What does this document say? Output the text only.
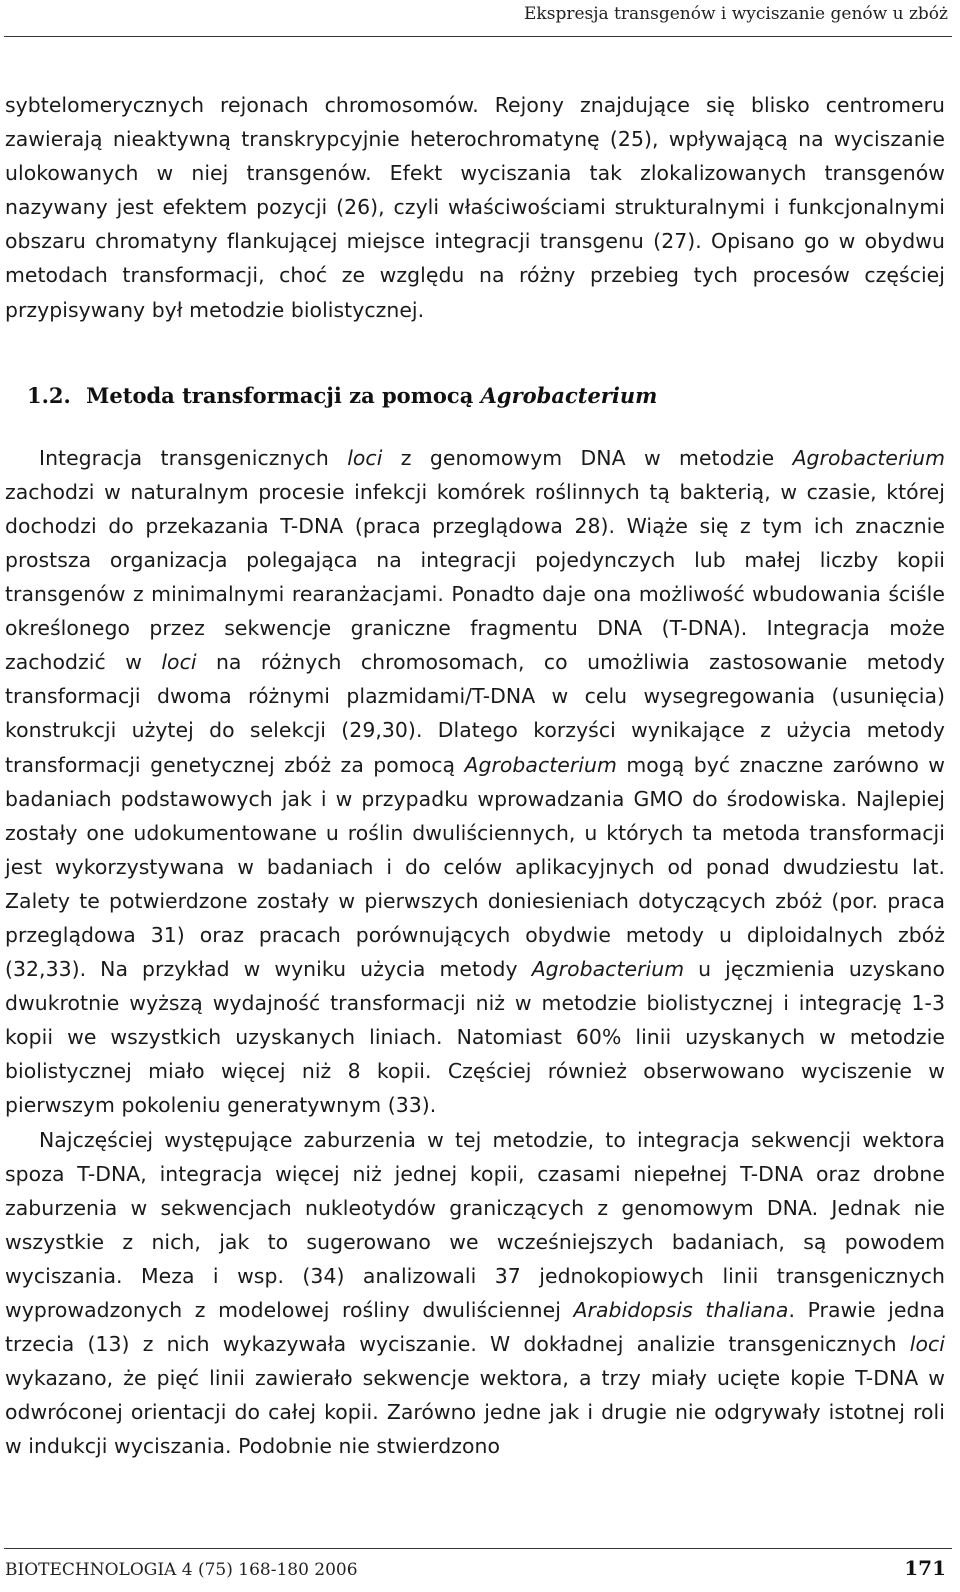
Ekspresja transgenów i wyciszanie genów u zbóż

sybtelomerycznych rejonach chromosomów. Rejony znajdujące się blisko centromeru zawierają nieaktywną transkrypcyjnie heterochromatynę (25), wpływającą na wyciszanie ulokowanych w niej transgenów. Efekt wyciszania tak zlokalizowanych transgenów nazywany jest efektem pozycji (26), czyli właściwościami strukturalnymi i funkcjonalnymi obszaru chromatyny flankującej miejsce integracji transgenu (27). Opisano go w obydwu metodach transformacji, choć ze względu na różny przebieg tych procesów częściej przypisywany był metodzie biolistycznej.

1.2. Metoda transformacji za pomocą Agrobacterium

Integracja transgenicznych loci z genomowym DNA w metodzie Agrobacterium zachodzi w naturalnym procesie infekcji komórek roślinnych tą bakterią, w czasie, której dochodzi do przekazania T-DNA (praca przeglądowa 28). Wiąże się z tym ich znacznie prostsza organizacja polegająca na integracji pojedynczych lub małej liczby kopii transgenów z minimalnymi rearanżacjami. Ponadto daje ona możliwość wbudowania ściśle określonego przez sekwencje graniczne fragmentu DNA (T-DNA). Integracja może zachodzić w loci na różnych chromosomach, co umożliwia zastosowanie metody transformacji dwoma różnymi plazmidami/T-DNA w celu wysegregowania (usunięcia) konstrukcji użytej do selekcji (29,30). Dlatego korzyści wynikające z użycia metody transformacji genetycznej zbóż za pomocą Agrobacterium mogą być znaczne zarówno w badaniach podstawowych jak i w przypadku wprowadzania GMO do środowiska. Najlepiej zostały one udokumentowane u roślin dwuliściennych, u których ta metoda transformacji jest wykorzystywana w badaniach i do celów aplikacyjnych od ponad dwudziestu lat. Zalety te potwierdzone zostały w pierwszych doniesieniach dotyczących zbóż (por. praca przeglądowa 31) oraz pracach porównujących obydwie metody u diploidalnych zbóż (32,33). Na przykład w wyniku użycia metody Agrobacterium u jęczmienia uzyskano dwukrotnie wyższą wydajność transformacji niż w metodzie biolistycznej i integrację 1-3 kopii we wszystkich uzyskanych liniach. Natomiast 60% linii uzyskanych w metodzie biolistycznej miało więcej niż 8 kopii. Częściej również obserwowano wyciszenie w pierwszym pokoleniu generatywnym (33).

Najczęściej występujące zaburzenia w tej metodzie, to integracja sekwencji wektora spoza T-DNA, integracja więcej niż jednej kopii, czasami niepełnej T-DNA oraz drobne zaburzenia w sekwencjach nukleotydów graniczących z genomowym DNA. Jednak nie wszystkie z nich, jak to sugerowano we wcześniejszych badaniach, są powodem wyciszania. Meza i wsp. (34) analizowali 37 jednokopiowych linii transgenicznych wyprowadzonych z modelowej rośliny dwuliściennej Arabidopsis thaliana. Prawie jedna trzecia (13) z nich wykazywała wyciszanie. W dokładnej analizie transgenicznych loci wykazano, że pięć linii zawierało sekwencje wektora, a trzy miały ucięte kopie T-DNA w odwróconej orientacji do całej kopii. Zarówno jedne jak i drugie nie odgrywały istotnej roli w indukcji wyciszania. Podobnie nie stwierdzono

BIOTECHNOLOGIA 4 (75) 168-180 2006	171
